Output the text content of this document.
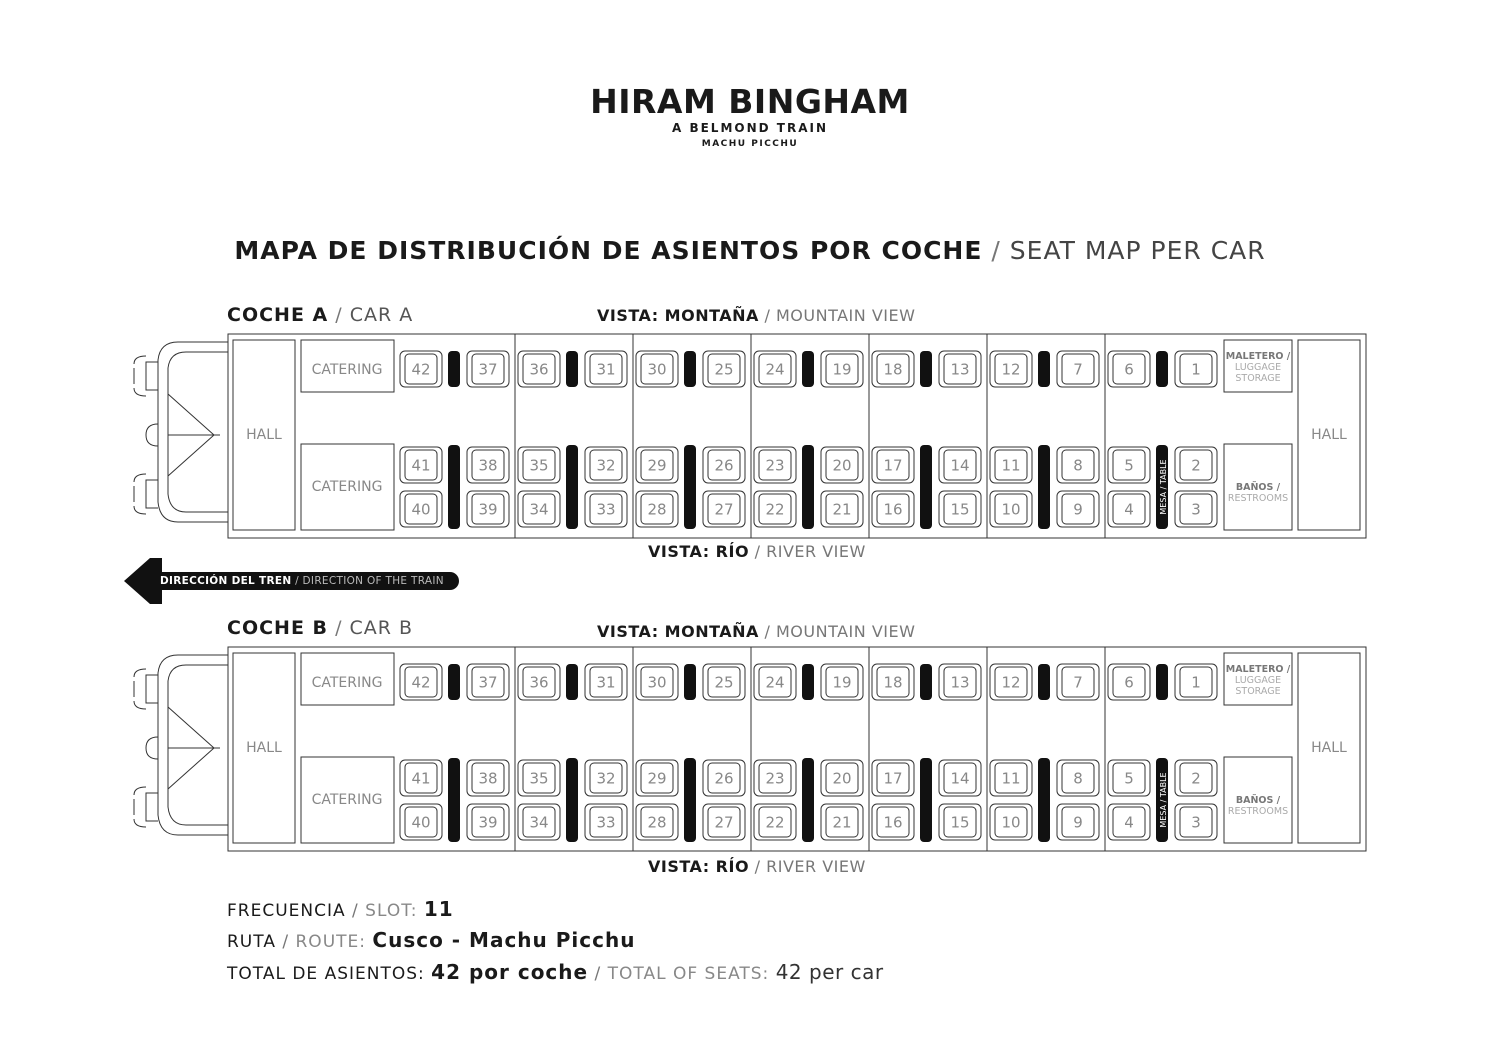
HIRAM BINGHAM
A BELMOND TRAIN
MACHU PICCHU
MAPA DE DISTRIBUCIÓN DE ASIENTOS POR COCHE / SEAT MAP PER CAR
COCHE A / CAR A	VISTA: MONTAÑA / MOUNTAIN VIEW
VISTA: RÍO / RIVER VIEW
HALL	HALL
CATERING
CATERING
MALETERO /
LUGGAGE
STORAGE
BAÑOS /
RESTROOMS
42	37
41	38
40	39
36	31
35	32
34	33
30	25
29	26
28	27
24	19
23	20
22	21
18	13
17	14
16	15
12	7
11	8
10	9
6	1
5	2
4	3
MESA / TABLE
DIRECCIÓN DEL TREN / DIRECTION OF THE TRAIN
COCHE B / CAR B	VISTA: MONTAÑA / MOUNTAIN VIEW
VISTA: RÍO / RIVER VIEW
HALL	HALL
CATERING
CATERING
MALETERO /
LUGGAGE
STORAGE
BAÑOS /
RESTROOMS
42	37
41	38
40	39
36	31
35	32
34	33
30	25
29	26
28	27
24	19
23	20
22	21
18	13
17	14
16	15
12	7
11	8
10	9
6	1
5	2
4	3
MESA / TABLE
FRECUENCIA / SLOT: 11
RUTA / ROUTE: Cusco - Machu Picchu
TOTAL DE ASIENTOS: 42 por coche / TOTAL OF SEATS: 42 per car
